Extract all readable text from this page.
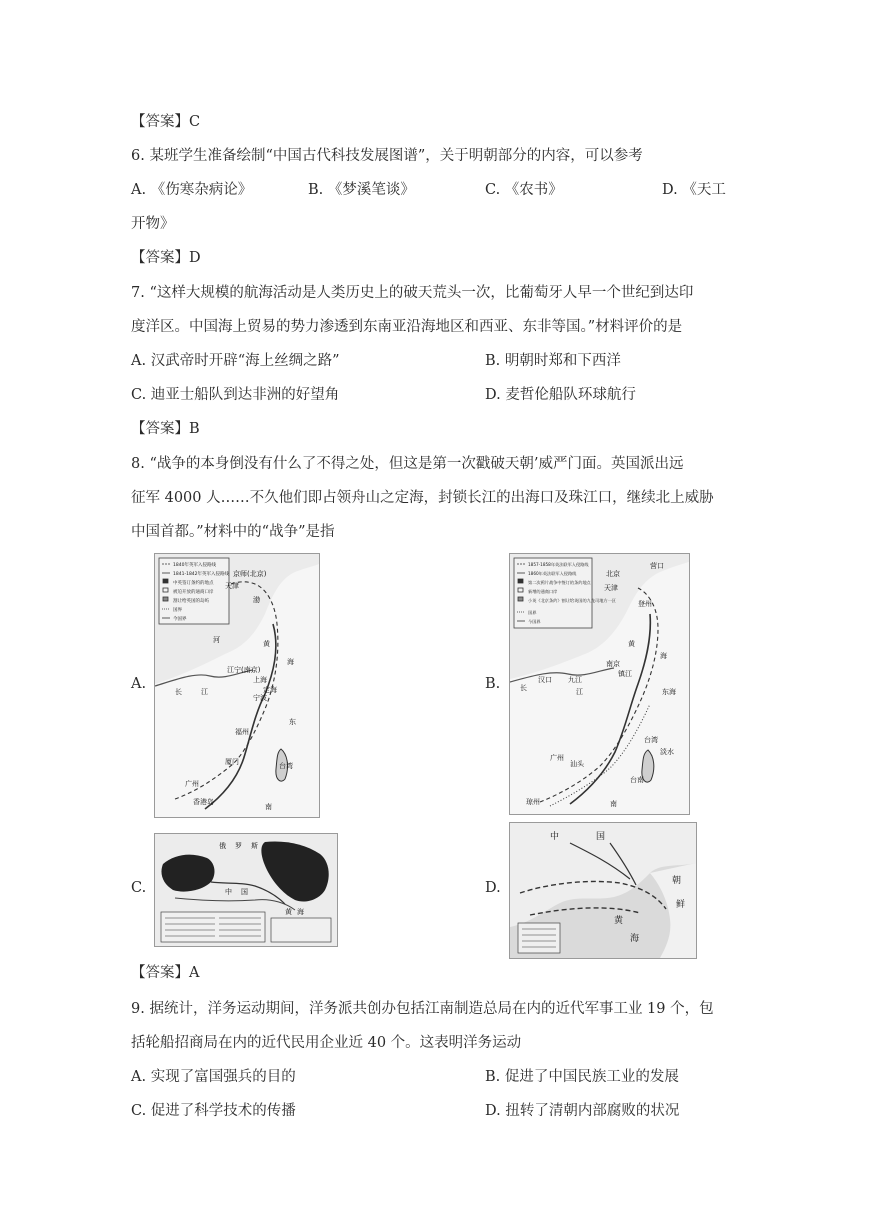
【答案】C
6. 某班学生准备绘制“中国古代科技发展图谱”，关于明朝部分的内容，可以参考
A. 《伤寒杂病论》	B. 《梦溪笔谈》	C. 《农书》	D. 《天工
开物》
【答案】D
7. “这样大规模的航海活动是人类历史上的破天荒头一次，比葡萄牙人早一个世纪到达印
度洋区。中国海上贸易的势力渗透到东南亚沿海地区和西亚、东非等国。”材料评价的是
A. 汉武帝时开辟“海上丝绸之路”	B. 明朝时郑和下西洋
C. 迪亚士船队到达非洲的好望角	D. 麦哲伦船队环球航行
【答案】B
8. “战争的本身倒没有什么了不得之处，但这是第一次戳破天朝’威严门面。英国派出远
征军 4000 人……不久他们即占领舟山之定海，封锁长江的出海口及珠江口，继续北上威胁
中国首都。”材料中的“战争”是指
A.	B.
C.	D.
1840年英军入侵路线
1841-1842年英军入侵路线
中英签订条约的地点
被迫开放的通商口岸
割让给英国的岛屿
国界
今国界
京师(北京)
天津
渤
黄
海
河
长	江
江宁(南京)
上海
宁波
定海
东
福州
厦门
广州
香港岛
台湾
南
1857-1858年英法联军入侵路线
1860年英法联军入侵路线
第二次鸦片战争中签订的条约地点
新增的通商口岸
小英《北京条约》割让给英国的九龙司地方一区
国界
今国界
北京
天津
营口
登州
黄
海
长	江
汉口 九江
南京
镇江
东海
台湾
淡水
台南
汕头
广州
琼州	南
俄 罗 斯
中 国
黄 海
中	国
朝
黄
海
鲜
【答案】A
9. 据统计，洋务运动期间，洋务派共创办包括江南制造总局在内的近代军事工业 19 个，包
括轮船招商局在内的近代民用企业近 40 个。这表明洋务运动
A. 实现了富国强兵的目的	B. 促进了中国民族工业的发展
C. 促进了科学技术的传播	D. 扭转了清朝内部腐败的状况
